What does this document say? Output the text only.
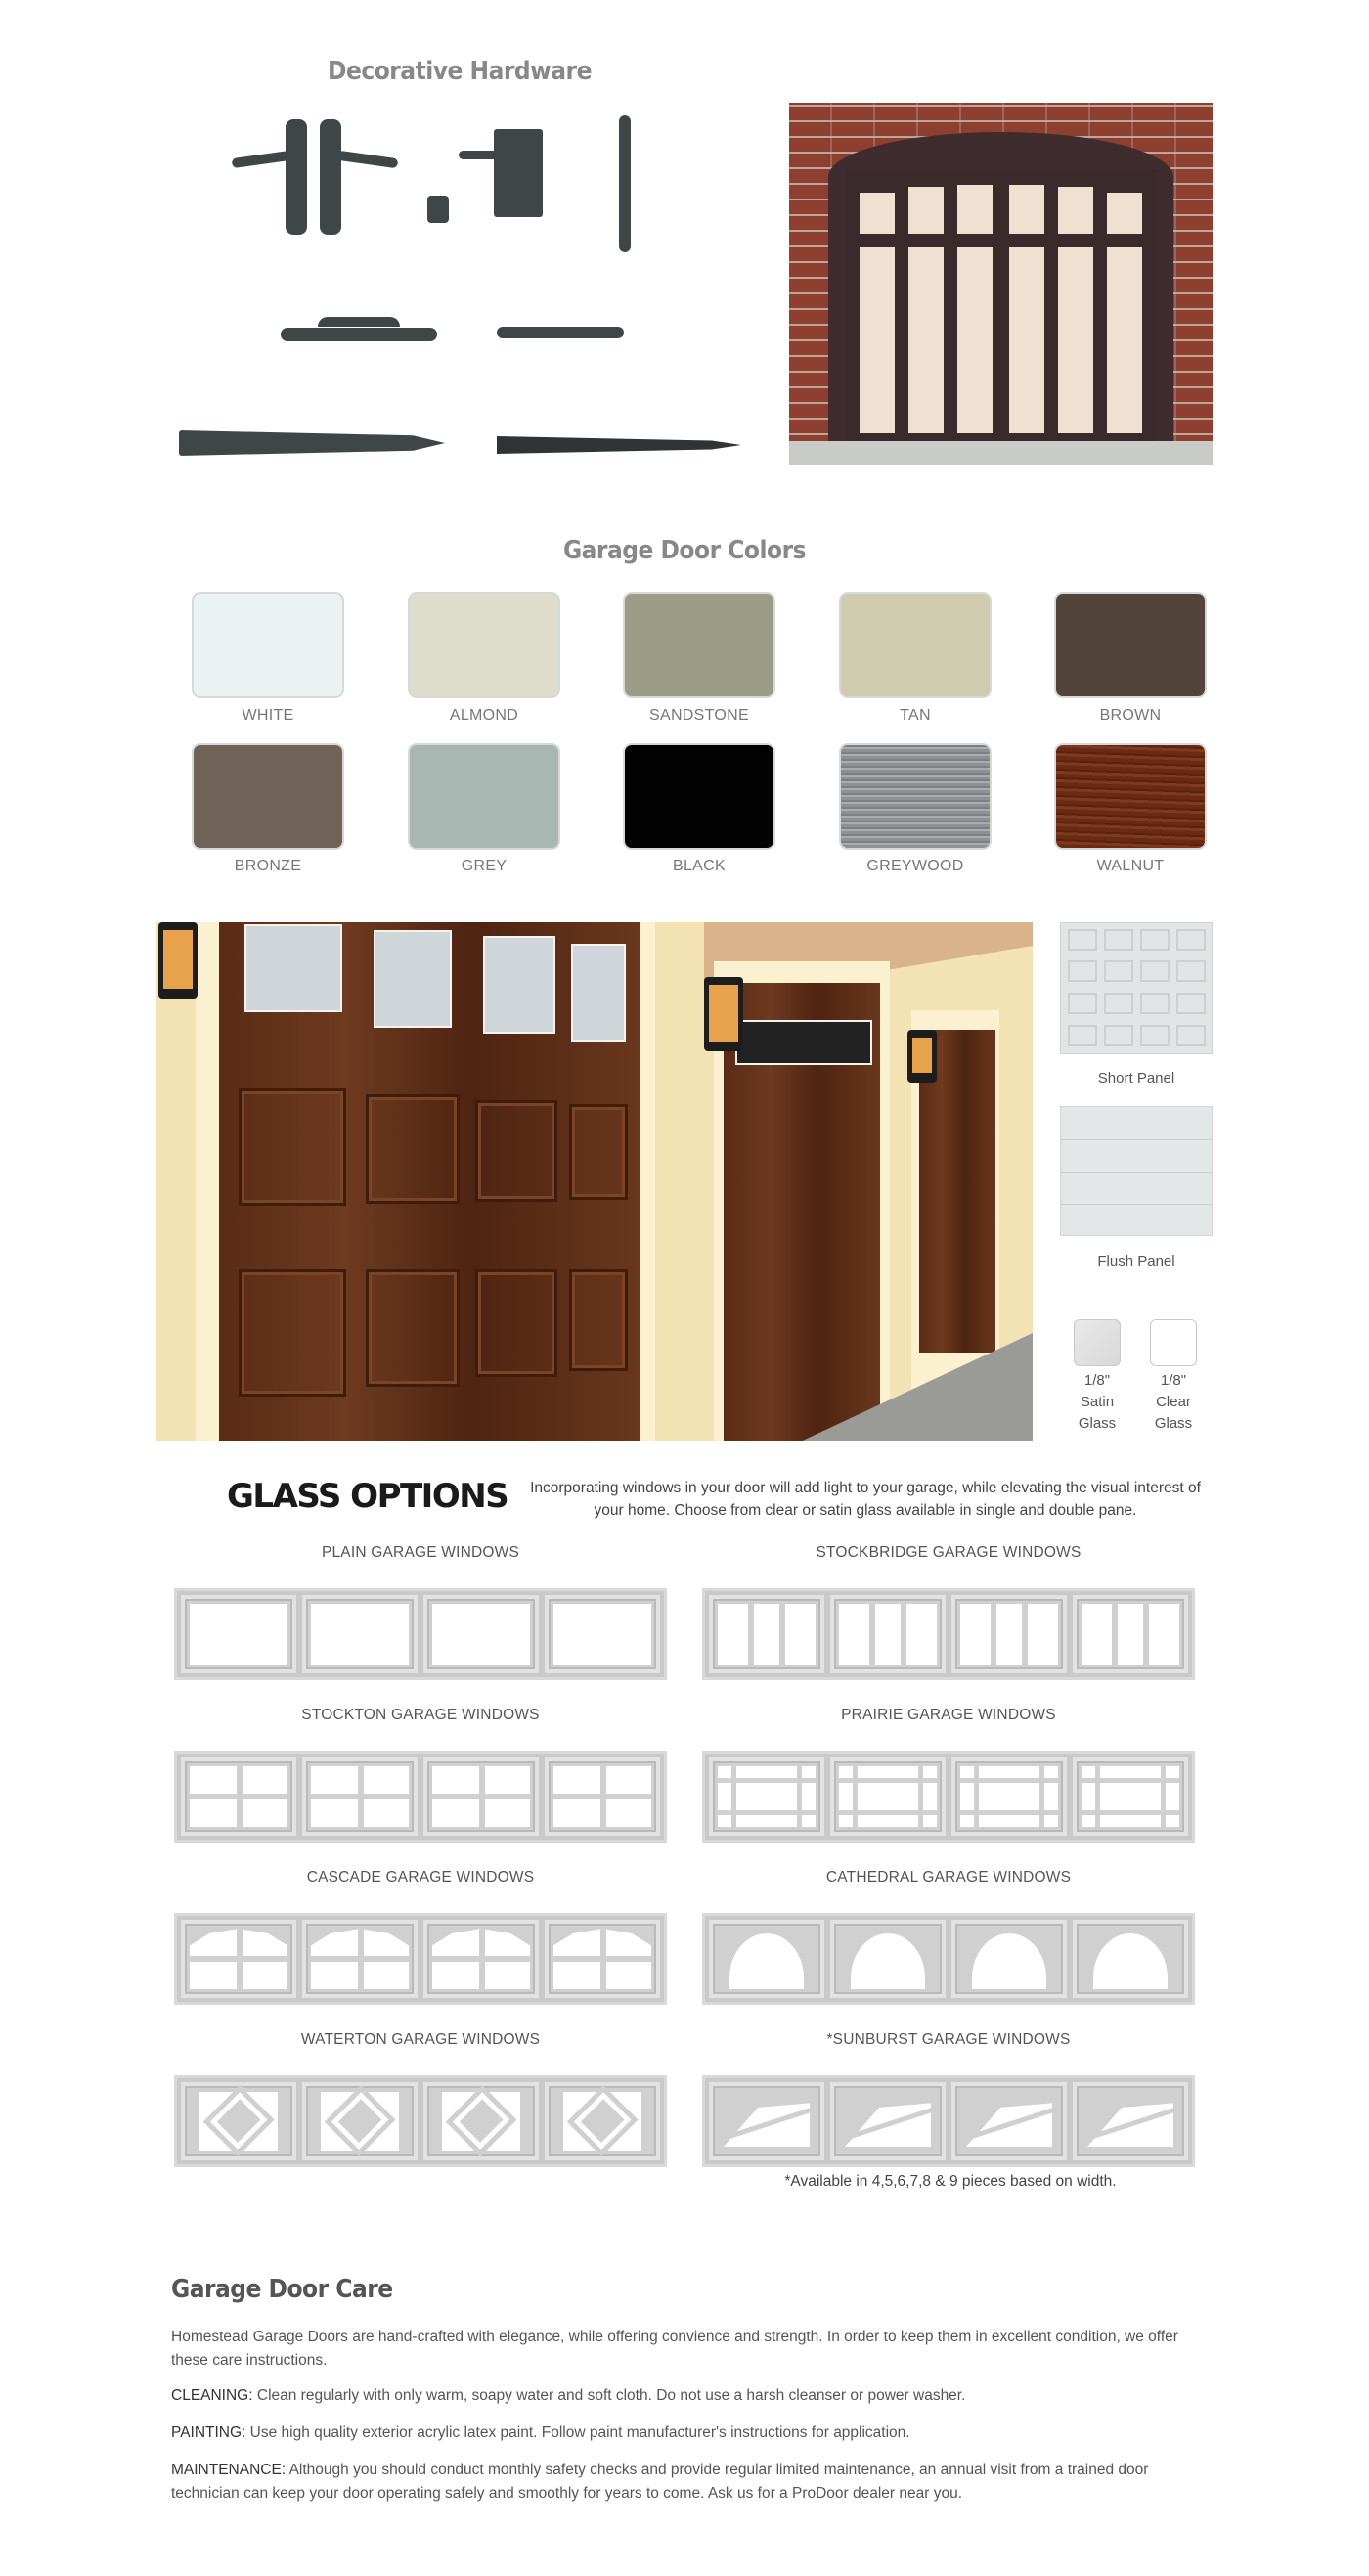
Decorative Hardware
Garage Door Colors
WHITE	ALMOND	SANDSTONE	TAN	BROWN
BRONZE	GREY	BLACK	GREYWOOD	WALNUT
Short Panel
Flush Panel
1/8"
Satin
Glass
1/8"
Clear
Glass
GLASS OPTIONS	Incorporating windows in your door will add light to your garage, while elevating the visual interest of your home. Choose from clear or satin glass available in single and double pane.
PLAIN GARAGE WINDOWS	STOCKBRIDGE GARAGE WINDOWS
STOCKTON GARAGE WINDOWS	PRAIRIE GARAGE WINDOWS
CASCADE GARAGE WINDOWS	CATHEDRAL GARAGE WINDOWS
WATERTON GARAGE WINDOWS	*SUNBURST GARAGE WINDOWS
*Available in 4,5,6,7,8 & 9 pieces based on width.
Garage Door Care
Homestead Garage Doors are hand-crafted with elegance, while offering convience and strength. In order to keep them in excellent condition, we offer these care instructions.
CLEANING: Clean regularly with only warm, soapy water and soft cloth. Do not use a harsh cleanser or power washer.
PAINTING: Use high quality exterior acrylic latex paint. Follow paint manufacturer's instructions for application.
MAINTENANCE: Although you should conduct monthly safety checks and provide regular limited maintenance, an annual visit from a trained door technician can keep your door operating safely and smoothly for years to come. Ask us for a ProDoor dealer near you.
